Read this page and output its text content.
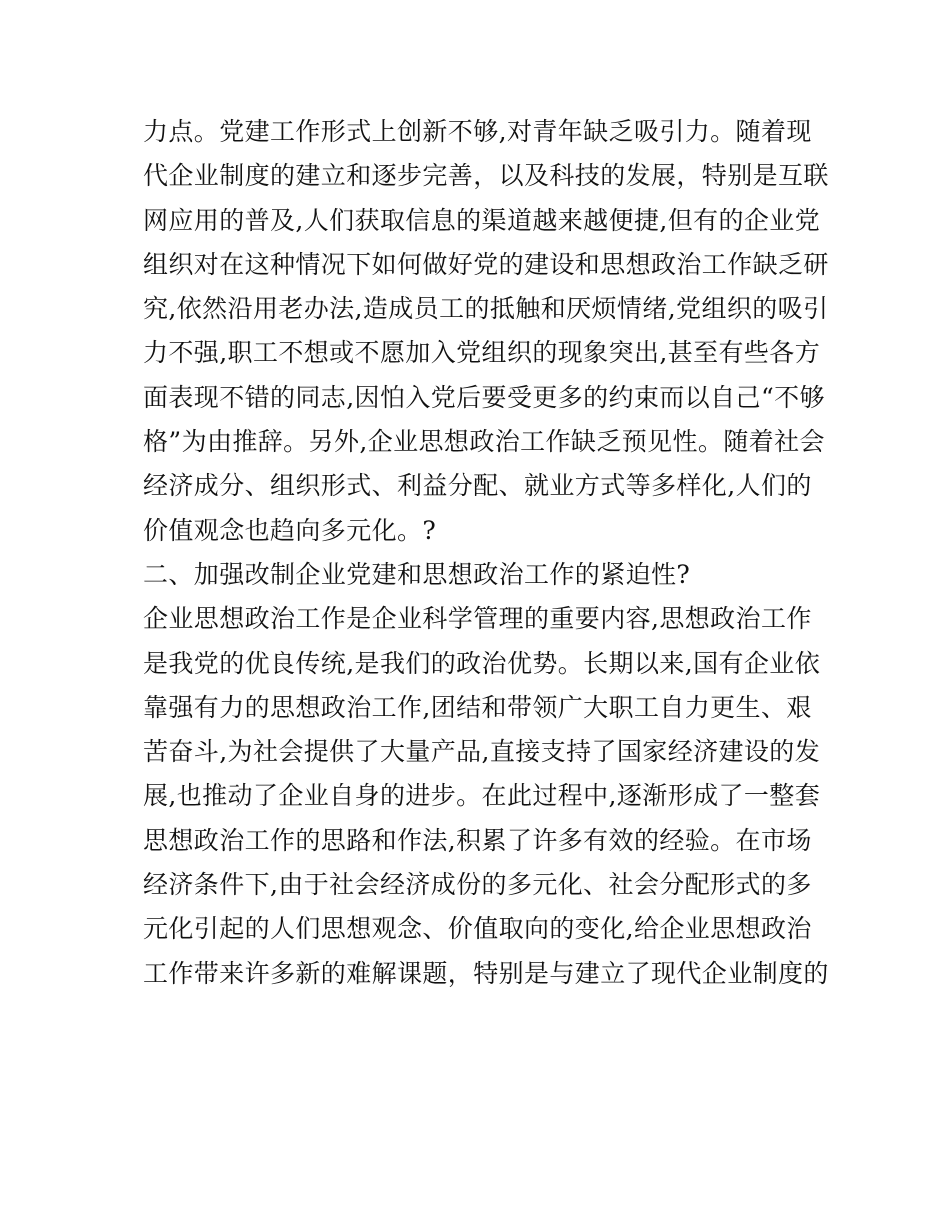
力点。党建工作形式上创新不够,对青年缺乏吸引力。随着现
代企业制度的建立和逐步完善，以及科技的发展，特别是互联
网应用的普及,人们获取信息的渠道越来越便捷,但有的企业党
组织对在这种情况下如何做好党的建设和思想政治工作缺乏研
究,依然沿用老办法,造成员工的抵触和厌烦情绪,党组织的吸引
力不强,职工不想或不愿加入党组织的现象突出,甚至有些各方
面表现不错的同志,因怕入党后要受更多的约束而以自己“不够
格”为由推辞。另外,企业思想政治工作缺乏预见性。随着社会
经济成分、组织形式、利益分配、就业方式等多样化,人们的
价值观念也趋向多元化。?
二、加强改制企业党建和思想政治工作的紧迫性?
企业思想政治工作是企业科学管理的重要内容,思想政治工作
是我党的优良传统,是我们的政治优势。长期以来,国有企业依
靠强有力的思想政治工作,团结和带领广大职工自力更生、艰
苦奋斗,为社会提供了大量产品,直接支持了国家经济建设的发
展,也推动了企业自身的进步。在此过程中,逐渐形成了一整套
思想政治工作的思路和作法,积累了许多有效的经验。在市场
经济条件下,由于社会经济成份的多元化、社会分配形式的多
元化引起的人们思想观念、价值取向的变化,给企业思想政治
工作带来许多新的难解课题，特别是与建立了现代企业制度的
